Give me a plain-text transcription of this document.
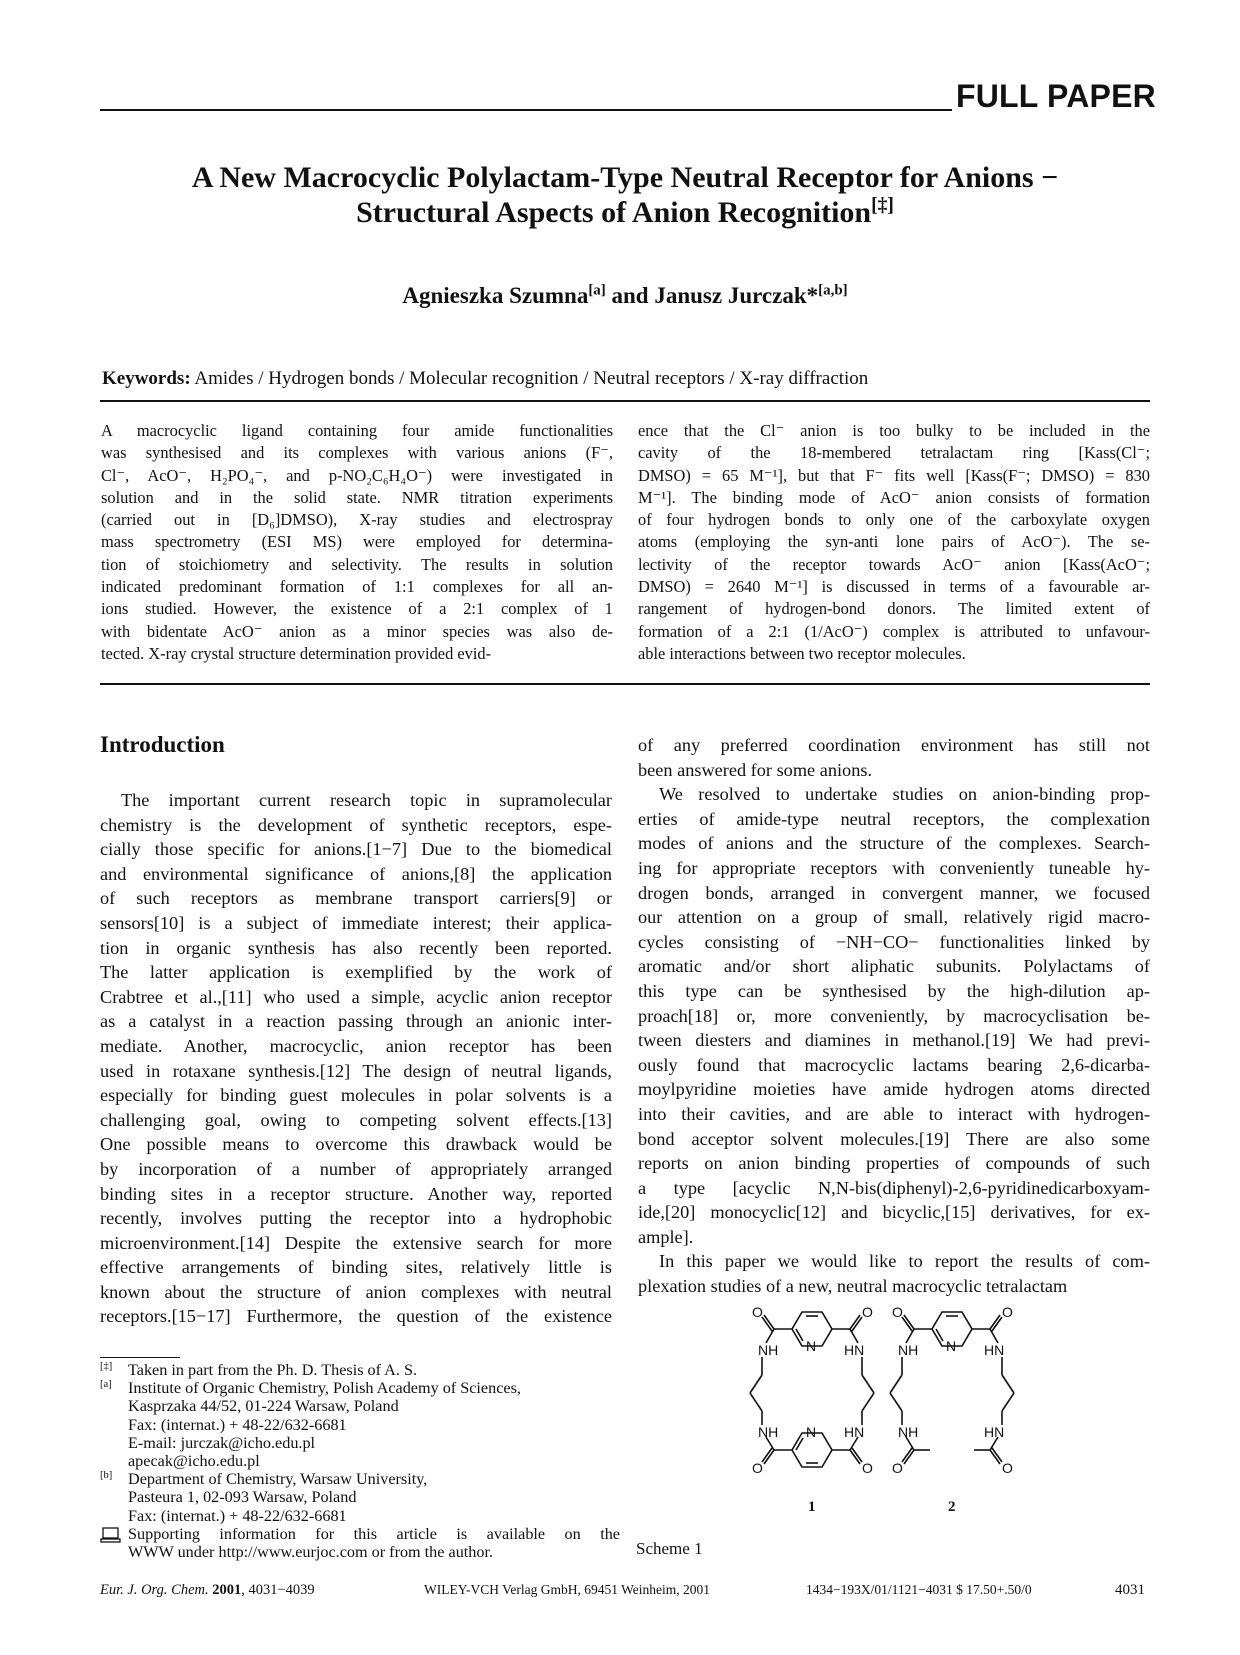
FULL PAPER
A New Macrocyclic Polylactam-Type Neutral Receptor for Anions −
Structural Aspects of Anion Recognition[‡]
Agnieszka Szumna[a] and Janusz Jurczak*[a,b]
Keywords: Amides / Hydrogen bonds / Molecular recognition / Neutral receptors / X-ray diffraction
A macrocyclic ligand containing four amide functionalities
was synthesised and its complexes with various anions (F⁻,
Cl⁻, AcO⁻, H₂PO₄⁻, and p-NO₂C₆H₄O⁻) were investigated in
solution and in the solid state. NMR titration experiments
(carried out in [D₆]DMSO), X-ray studies and electrospray
mass spectrometry (ESI MS) were employed for determina-
tion of stoichiometry and selectivity. The results in solution
indicated predominant formation of 1:1 complexes for all an-
ions studied. However, the existence of a 2:1 complex of 1
with bidentate AcO⁻ anion as a minor species was also de-
tected. X-ray crystal structure determination provided evid-
ence that the Cl⁻ anion is too bulky to be included in the
cavity of the 18-membered tetralactam ring [Kass(Cl⁻;
DMSO) = 65 M⁻¹], but that F⁻ fits well [Kass(F⁻; DMSO) = 830
M⁻¹]. The binding mode of AcO⁻ anion consists of formation
of four hydrogen bonds to only one of the carboxylate oxygen
atoms (employing the syn-anti lone pairs of AcO⁻). The se-
lectivity of the receptor towards AcO⁻ anion [Kass(AcO⁻;
DMSO) = 2640 M⁻¹] is discussed in terms of a favourable ar-
rangement of hydrogen-bond donors. The limited extent of
formation of a 2:1 (1/AcO⁻) complex is attributed to unfavour-
able interactions between two receptor molecules.
Introduction
The important current research topic in supramolecular
chemistry is the development of synthetic receptors, espe-
cially those specific for anions.[1−7] Due to the biomedical
and environmental significance of anions,[8] the application
of such receptors as membrane transport carriers[9] or
sensors[10] is a subject of immediate interest; their applica-
tion in organic synthesis has also recently been reported.
The latter application is exemplified by the work of
Crabtree et al.,[11] who used a simple, acyclic anion receptor
as a catalyst in a reaction passing through an anionic inter-
mediate. Another, macrocyclic, anion receptor has been
used in rotaxane synthesis.[12] The design of neutral ligands,
especially for binding guest molecules in polar solvents is a
challenging goal, owing to competing solvent effects.[13]
One possible means to overcome this drawback would be
by incorporation of a number of appropriately arranged
binding sites in a receptor structure. Another way, reported
recently, involves putting the receptor into a hydrophobic
microenvironment.[14] Despite the extensive search for more
effective arrangements of binding sites, relatively little is
known about the structure of anion complexes with neutral
receptors.[15−17] Furthermore, the question of the existence
of any preferred coordination environment has still not
been answered for some anions.
We resolved to undertake studies on anion-binding prop-
erties of amide-type neutral receptors, the complexation
modes of anions and the structure of the complexes. Search-
ing for appropriate receptors with conveniently tuneable hy-
drogen bonds, arranged in convergent manner, we focused
our attention on a group of small, relatively rigid macro-
cycles consisting of −NH−CO− functionalities linked by
aromatic and/or short aliphatic subunits. Polylactams of
this type can be synthesised by the high-dilution ap-
proach[18] or, more conveniently, by macrocyclisation be-
tween diesters and diamines in methanol.[19] We had previ-
ously found that macrocyclic lactams bearing 2,6-dicarba-
moylpyridine moieties have amide hydrogen atoms directed
into their cavities, and are able to interact with hydrogen-
bond acceptor solvent molecules.[19] There are also some
reports on anion binding properties of compounds of such
a type [acyclic N,N-bis(diphenyl)-2,6-pyridinedicarboxyam-
ide,[20] monocyclic[12] and bicyclic,[15] derivatives, for ex-
ample].
In this paper we would like to report the results of com-
plexation studies of a new, neutral macrocyclic tetralactam
[‡] Taken in part from the Ph. D. Thesis of A. S.
[a] Institute of Organic Chemistry, Polish Academy of Sciences,
Kasprzaka 44/52, 01-224 Warsaw, Poland
Fax: (internat.) + 48-22/632-6681
E-mail: jurczak@icho.edu.pl
apecak@icho.edu.pl
[b] Department of Chemistry, Warsaw University,
Pasteura 1, 02-093 Warsaw, Poland
Fax: (internat.) + 48-22/632-6681
Supporting information for this article is available on the
WWW under http://www.eurjoc.com or from the author.
O	O
N
NH	HN
NH	HN
N
O	O
O	O
N
NH	HN
NH	HN
O	O
1	2
Scheme 1
Eur. J. Org. Chem. 2001, 4031−4039	WILEY-VCH Verlag GmbH, 69451 Weinheim, 2001	1434−193X/01/1121−4031 $ 17.50+.50/0	4031
